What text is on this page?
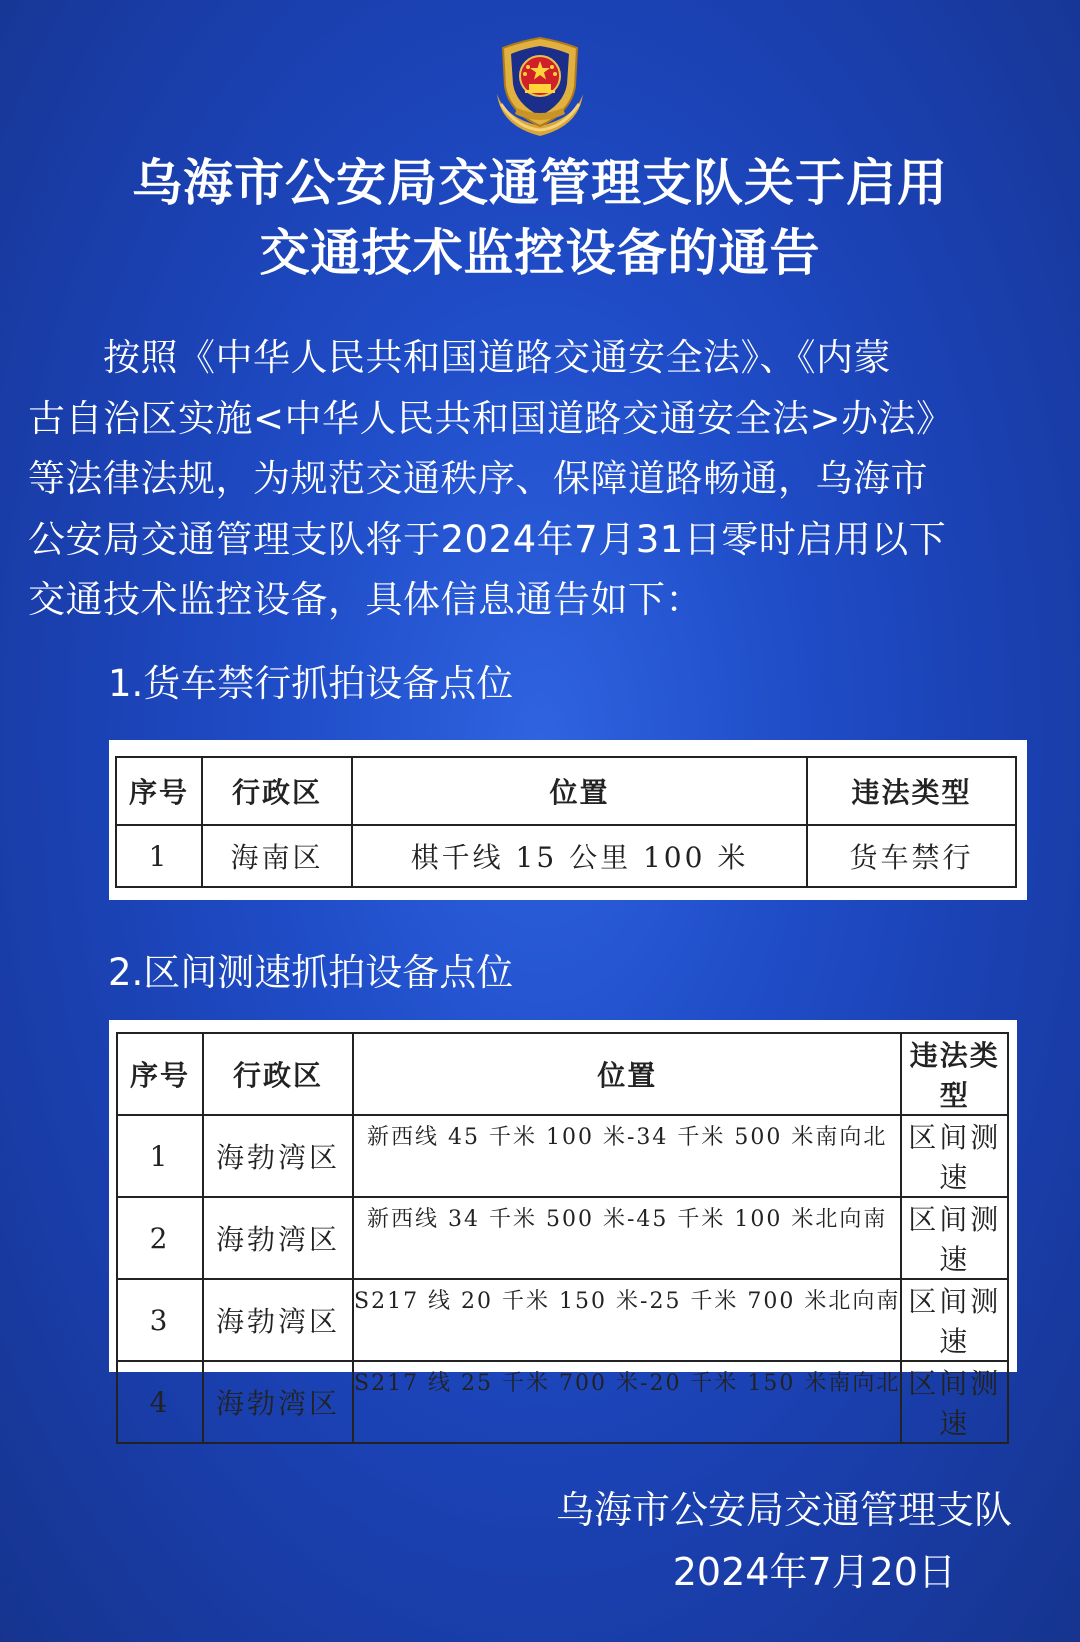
乌海市公安局交通管理支队关于启用
交通技术监控设备的通告

　　按照《中华人民共和国道路交通安全法》、《内蒙

古自治区实施<中华人民共和国道路交通安全法>办法》

等法律法规，为规范交通秩序、保障道路畅通，乌海市

公安局交通管理支队将于2024年7月31日零时启用以下

交通技术监控设备，具体信息通告如下：

1.货车禁行抓拍设备点位
序号	行政区	位置	违法类型
1	海南区	棋千线 15 公里 100 米	货车禁行
2.区间测速抓拍设备点位
序号	行政区	位置	违法类型
1	海勃湾区	新西线 45 千米 100 米-34 千米 500 米南向北	区间测速
2	海勃湾区	新西线 34 千米 500 米-45 千米 100 米北向南	区间测速
3	海勃湾区	S217 线 20 千米 150 米-25 千米 700 米北向南	区间测速
4	海勃湾区	S217 线 25 千米 700 米-20 千米 150 米南向北	区间测速
乌海市公安局交通管理支队
2024年7月20日
